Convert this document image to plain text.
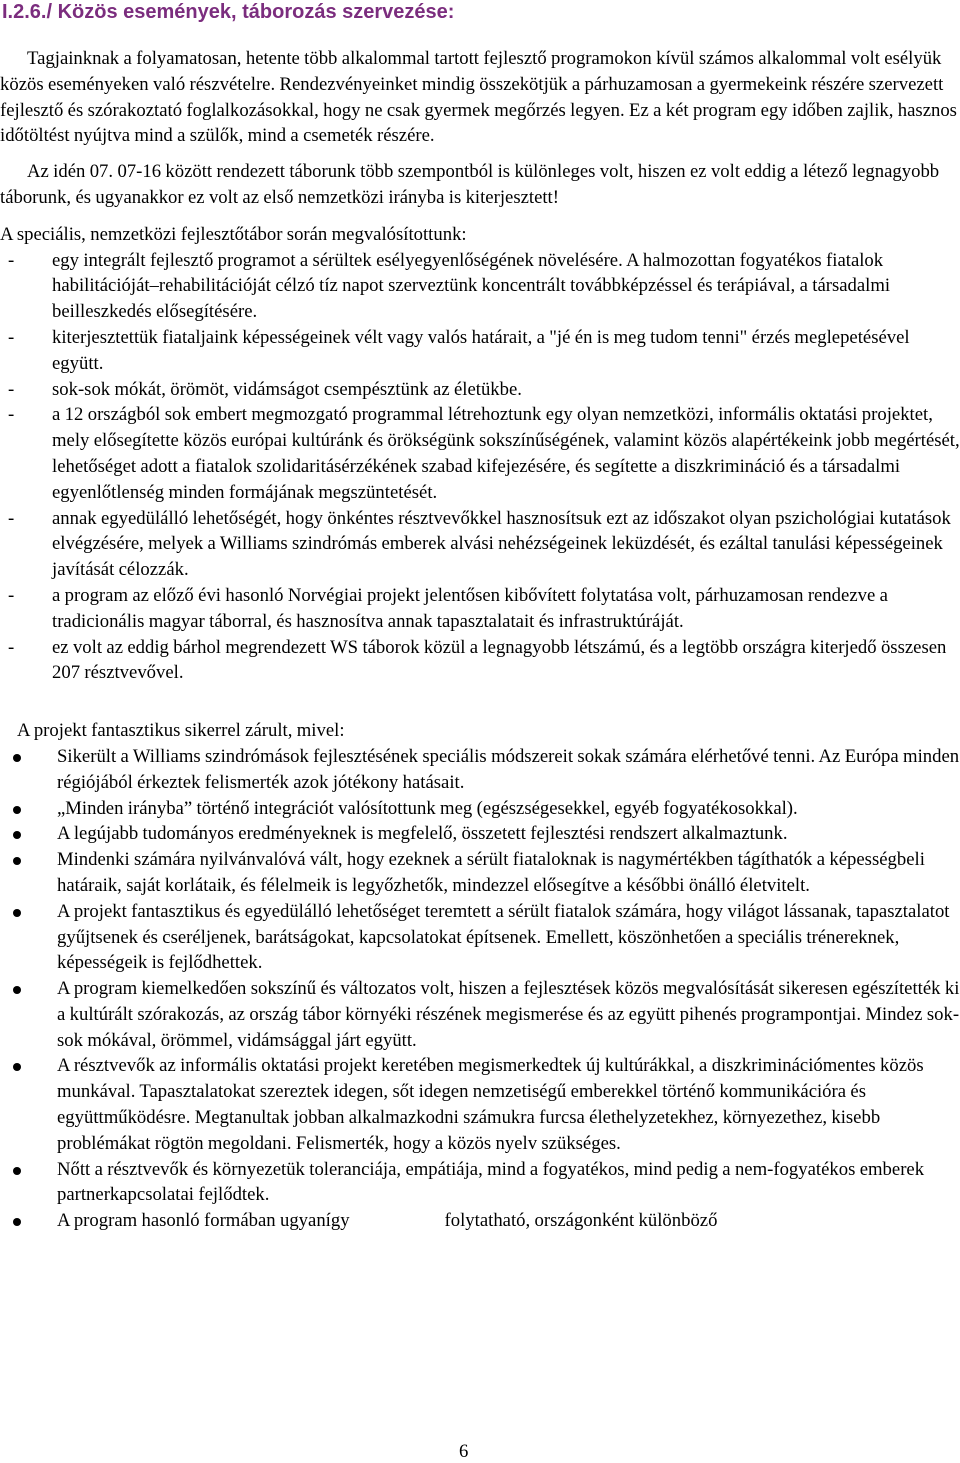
I.2.6./ Közös események, táborozás szervezése:

Tagjainknak a folyamatosan, hetente több alkalommal tartott fejlesztő programokon kívül számos alkalommal volt esélyük közös eseményeken való részvételre. Rendezvényeinket mindig összekötjük a párhuzamosan a gyermekeink részére szervezett fejlesztő és szórakoztató foglalkozásokkal, hogy ne csak gyermek megőrzés legyen. Ez a két program egy időben zajlik, hasznos időtöltést nyújtva mind a szülők, mind a csemeték részére.

Az idén 07. 07-16 között rendezett táborunk több szempontból is különleges volt, hiszen ez volt eddig a létező legnagyobb táborunk, és ugyanakkor ez volt az első nemzetközi irányba is kiterjesztett!

A speciális, nemzetközi fejlesztőtábor során megvalósítottunk:

- egy integrált fejlesztő programot a sérültek esélyegyenlőségének növelésére. A halmozottan fogyatékos fiatalok habilitációját–rehabilitációját célzó tíz napot szerveztünk koncentrált továbbképzéssel és terápiával, a társadalmi beilleszkedés elősegítésére.
- kiterjesztettük fiataljaink képességeinek vélt vagy valós határait, a "jé én is meg tudom tenni" érzés meglepetésével együtt.
- sok-sok mókát, örömöt, vidámságot csempésztünk az életükbe.
- a 12 országból sok embert megmozgató programmal létrehoztunk egy olyan nemzetközi, informális oktatási projektet, mely elősegítette közös európai kultúránk és örökségünk sokszínűségének, valamint közös alapértékeink jobb megértését, lehetőséget adott a fiatalok szolidaritásérzékének szabad kifejezésére, és segítette a diszkrimináció és a társadalmi egyenlőtlenség minden formájának megszüntetését.
- annak egyedülálló lehetőségét, hogy önkéntes résztvevőkkel hasznosítsuk ezt az időszakot olyan pszichológiai kutatások elvégzésére, melyek a Williams szindrómás emberek alvási nehézségeinek leküzdését, és ezáltal tanulási képességeinek javítását célozzák.
- a program az előző évi hasonló Norvégiai projekt jelentősen kibővített folytatása volt, párhuzamosan rendezve a tradicionális magyar táborral, és hasznosítva annak tapasztalatait és infrastruktúráját.
- ez volt az eddig bárhol megrendezett WS táborok közül a legnagyobb létszámú, és a legtöbb országra kiterjedő összesen 207 résztvevővel.

A projekt fantasztikus sikerrel zárult, mivel:

Sikerült a Williams szindrómások fejlesztésének speciális módszereit sokak számára elérhetővé tenni. Az Európa minden régiójából érkeztek felismerték azok jótékony hatásait.
„Minden irányba” történő integrációt valósítottunk meg (egészségesekkel, egyéb fogyatékosokkal).
A legújabb tudományos eredményeknek is megfelelő, összetett fejlesztési rendszert alkalmaztunk.
Mindenki számára nyilvánvalóvá vált, hogy ezeknek a sérült fiataloknak is nagymértékben tágíthatók a képességbeli határaik, saját korlátaik, és félelmeik is legyőzhetők, mindezzel elősegítve a későbbi önálló életvitelt.
A projekt fantasztikus és egyedülálló lehetőséget teremtett a sérült fiatalok számára, hogy világot lássanak, tapasztalatot gyűjtsenek és cseréljenek, barátságokat, kapcsolatokat építsenek. Emellett, köszönhetően a speciális trénereknek, képességeik is fejlődhettek.
A program kiemelkedően sokszínű és változatos volt, hiszen a fejlesztések közös megvalósítását sikeresen egészítették ki a kultúrált szórakozás, az ország tábor környéki részének megismerése és az együtt pihenés programpontjai. Mindez sok-sok mókával, örömmel, vidámsággal járt együtt.
A résztvevők az informális oktatási projekt keretében megismerkedtek új kultúrákkal, a diszkriminációmentes közös munkával. Tapasztalatokat szereztek idegen, sőt idegen nemzetiségű emberekkel történő kommunikációra és együttműködésre. Megtanultak jobban alkalmazkodni számukra furcsa élethelyzetekhez, környezethez, kisebb problémákat rögtön megoldani. Felismerték, hogy a közös nyelv szükséges.
Nőtt a résztvevők és környezetük toleranciája, empátiája, mind a fogyatékos, mind pedig a nem-fogyatékos emberek partnerkapcsolatai fejlődtek.
A program hasonló formában ugyanígy	folytatható, országonként különböző
6
